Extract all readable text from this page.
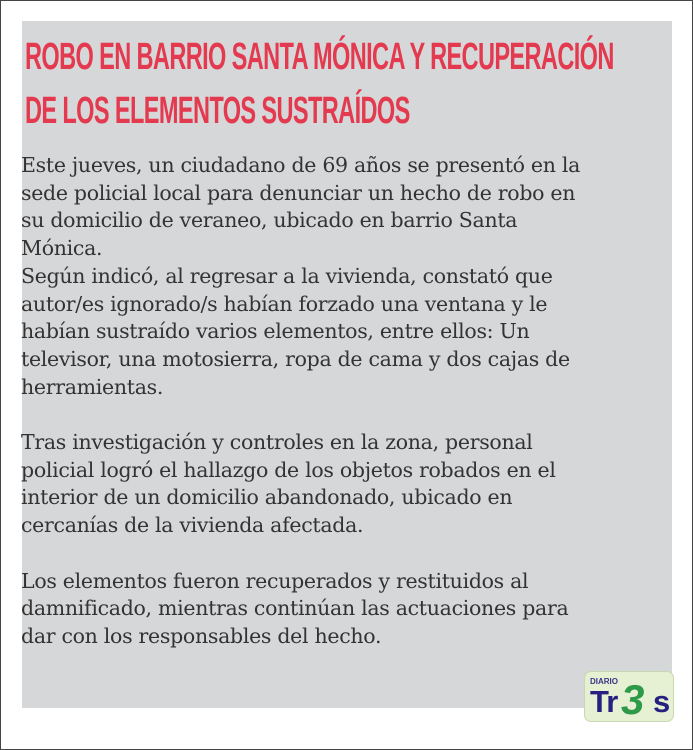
ROBO EN BARRIO SANTA MÓNICA Y RECUPERACIÓN
DE LOS ELEMENTOS SUSTRAÍDOS

Este jueves, un ciudadano de 69 años se presentó en la
sede policial local para denunciar un hecho de robo en
su domicilio de veraneo, ubicado en barrio Santa
Mónica.
Según indicó, al regresar a la vivienda, constató que
autor/es ignorado/s habían forzado una ventana y le
habían sustraído varios elementos, entre ellos: Un
televisor, una motosierra, ropa de cama y dos cajas de
herramientas.

Tras investigación y controles en la zona, personal
policial logró el hallazgo de los objetos robados en el
interior de un domicilio abandonado, ubicado en
cercanías de la vivienda afectada.

Los elementos fueron recuperados y restituidos al
damnificado, mientras continúan las actuaciones para
dar con los responsables del hecho.

DIARIO
Tr 3 s
